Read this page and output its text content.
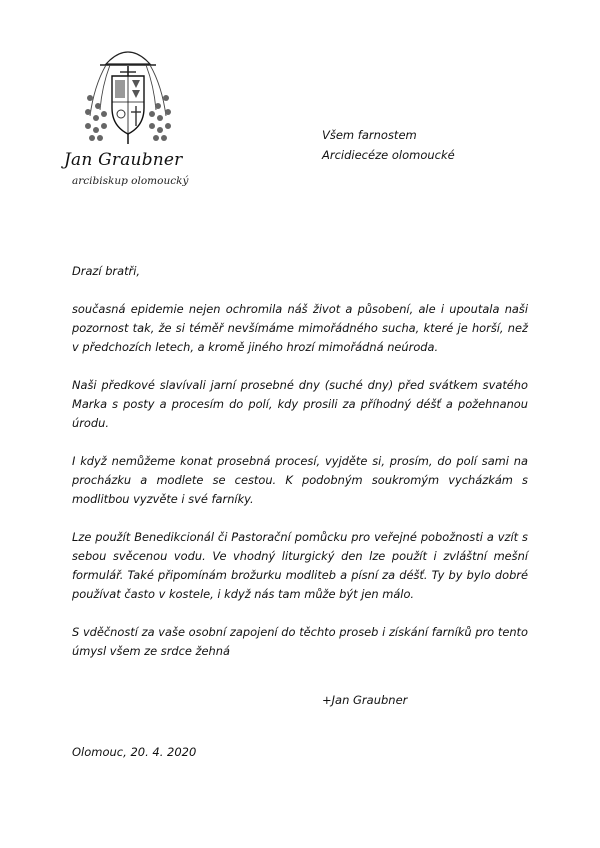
Jan Graubner
arcibiskup olomoucký
Všem farnostem
Arcidiecéze olomoucké

Drazí bratři,

současná epidemie nejen ochromila náš život a působení, ale i upoutala naši pozornost tak, že si téměř nevšímáme mimořádného sucha, které je horší, než v předchozích letech, a kromě jiného hrozí mimořádná neúroda.

Naši předkové slavívali jarní prosebné dny (suché dny) před svátkem svatého Marka s posty a procesím do polí, kdy prosili za příhodný déšť a požehnanou úrodu.

I když nemůžeme konat prosebná procesí, vyjděte si, prosím, do polí sami na procházku a modlete se cestou. K podobným soukromým vycházkám s modlitbou vyzvěte i své farníky.

Lze použít Benedikcionál či Pastorační pomůcku pro veřejné pobožnosti a vzít s sebou svěcenou vodu. Ve vhodný liturgický den lze použít i zvláštní mešní formulář. Také připomínám brožurku modliteb a písní za déšť. Ty by bylo dobré používat často v kostele, i když nás tam může být jen málo.

S vděčností za vaše osobní zapojení do těchto proseb i získání farníků pro tento úmysl všem ze srdce žehná

+Jan Graubner
Olomouc, 20. 4. 2020
